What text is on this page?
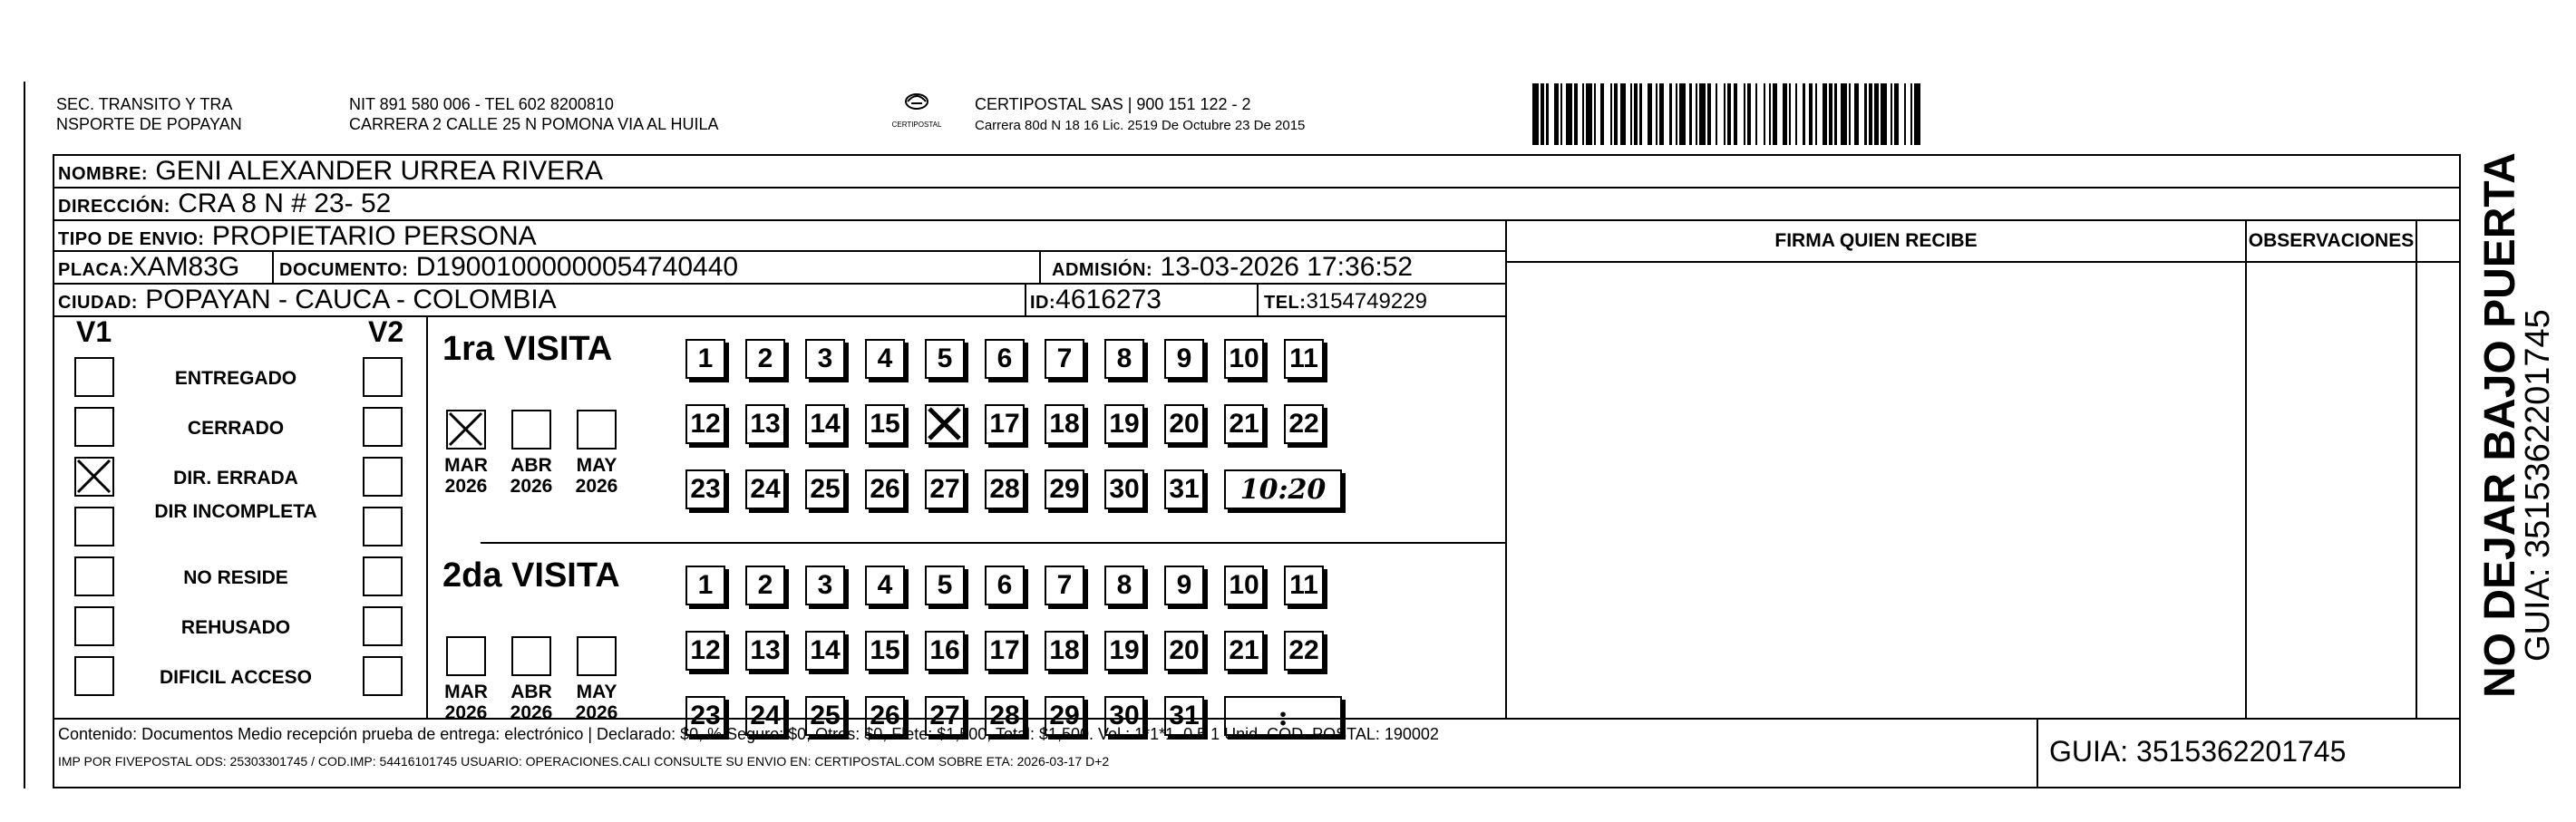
SEC. TRANSITO Y TRA
NSPORTE DE POPAYAN
NIT 891 580 006 - TEL 602 8200810
CARRERA 2 CALLE 25 N POMONA VIA AL HUILA	CERTIPOSTAL
CERTIPOSTAL SAS | 900 151 122 - 2
Carrera 80d N 18 16 Lic. 2519 De Octubre 23 De 2015
NOMBRE: GENI ALEXANDER URREA RIVERA
DIRECCIÓN: CRA 8 N # 23- 52
TIPO DE ENVIO: PROPIETARIO PERSONA
PLACA:XAM83G DOCUMENTO: D19001000000054740440	ADMISIÓN: 13-03-2026 17:36:52
CIUDAD: POPAYAN - CAUCA - COLOMBIA	ID:4616273	TEL:3154749229
FIRMA QUIEN RECIBE	OBSERVACIONES
V1	V2 1ra VISITA
2da VISITA
Contenido: Documentos Medio recepción prueba de entrega: electrónico | Declarado: $0, % Seguro: $0, Otros: $0, Flete: $1,500, Total: $1,500. Vol.: 1*1*1. 0.5 1 Unid. COD. POSTAL: 190002
IMP POR FIVEPOSTAL ODS: 25303301745 / COD.IMP: 54416101745 USUARIO: OPERACIONES.CALI CONSULTE SU ENVIO EN: CERTIPOSTAL.COM SOBRE ETA: 2026-03-17 D+2	GUIA: 3515362201745
ENTREGADO
CERRADO
DIR. ERRADA
DIR INCOMPLETA
NO RESIDE
REHUSADO
DIFICIL ACCESO
MAR
2026
ABR
2026
MAY
2026
MAR
2026
ABR
2026
MAY
2026
1	2	3	4	5	6	7	8	9	10 11
12 13 14 15	17 18 19 20 21 22
23 24 25 26 27 28 29 30 31	10:20
1	2	3	4	5	6	7	8	9	10 11
12 13 14 15 16 17 18 19 20 21 22
23 24 25 26 27 28 29 30 31	:
NO DEJAR BAJO PUERTA
GUIA: 3515362201745
